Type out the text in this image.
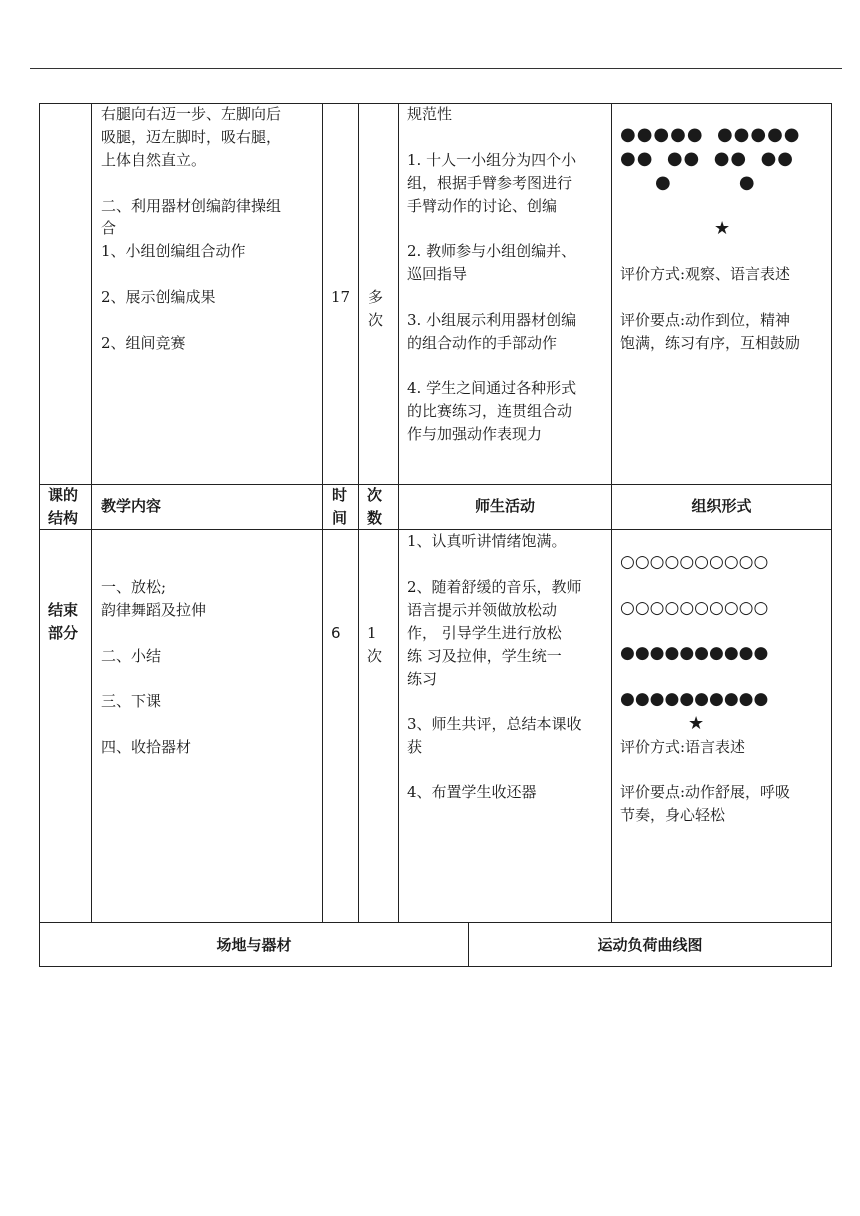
右腿向右迈一步、左脚向后
吸腿，迈左脚时，吸右腿，
上体自然直立。
二、利用器材创编韵律操组
合
1、小组创编组合动作
2、展示创编成果
2、组间竞赛
17 多
次
规范性
1. 十人一小组分为四个小
组，根据手臂参考图进行
手臂动作的讨论、创编
2. 教师参与小组创编并、
巡回指导
3. 小组展示利用器材创编
的组合动作的手部动作
4. 学生之间通过各种形式
的比赛练习，连贯组合动
作与加强动作表现力
●●●●●  ●●●●●
●●  ●●  ●●  ●●
●          ●
★
评价方式:观察、语言表述
评价要点:动作到位，精神
饱满，练习有序，互相鼓励
课的
结构
教学内容
时
间
次
数
师生活动	组织形式
结束
部分
一、放松;
韵律舞蹈及拉伸
二、小结
三、下课
四、收拾器材
6 1
次
1、认真听讲情绪饱满。
2、随着舒缓的音乐，教师
语言提示并领做放松动
作， 引导学生进行放松
练 习及拉伸，学生统一
练习
3、师生共评，总结本课收
获
4、布置学生收还器
○○○○○○○○○○
○○○○○○○○○○
●●●●●●●●●●
●●●●●●●●●●
★
评价方式:语言表述
评价要点:动作舒展，呼吸
节奏，身心轻松
场地与器材	运动负荷曲线图
